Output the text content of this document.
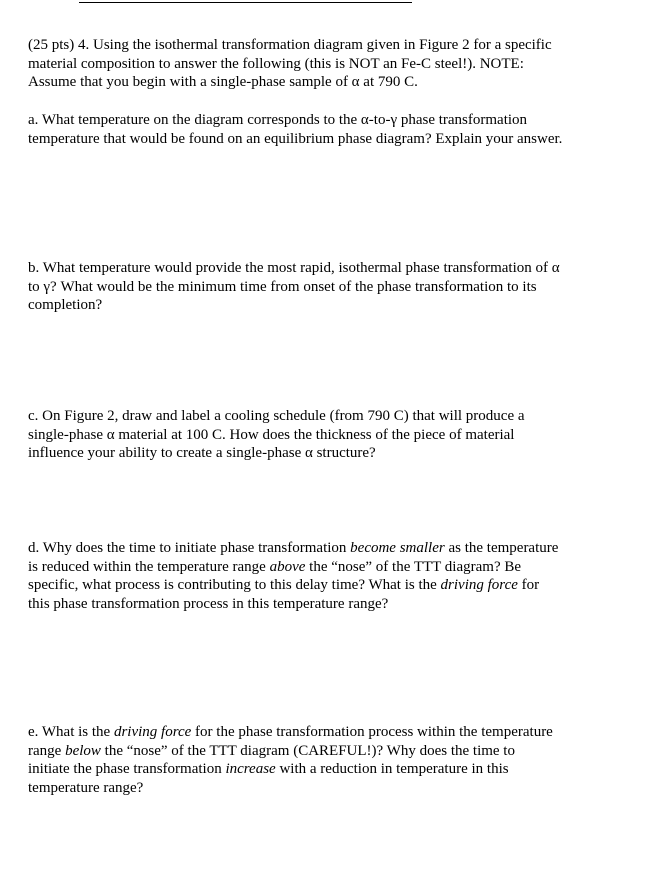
(25 pts) 4. Using the isothermal transformation diagram given in Figure 2 for a specific
material composition to answer the following (this is NOT an Fe-C steel!). NOTE:
Assume that you begin with a single-phase sample of α at 790 C.
a. What temperature on the diagram corresponds to the α-to-γ phase transformation
temperature that would be found on an equilibrium phase diagram? Explain your answer.
b. What temperature would provide the most rapid, isothermal phase transformation of α
to γ? What would be the minimum time from onset of the phase transformation to its
completion?
c. On Figure 2, draw and label a cooling schedule (from 790 C) that will produce a
single-phase α material at 100 C. How does the thickness of the piece of material
influence your ability to create a single-phase α structure?
d. Why does the time to initiate phase transformation become smaller as the temperature
is reduced within the temperature range above the “nose” of the TTT diagram? Be
specific, what process is contributing to this delay time? What is the driving force for
this phase transformation process in this temperature range?
e. What is the driving force for the phase transformation process within the temperature
range below the “nose” of the TTT diagram (CAREFUL!)? Why does the time to
initiate the phase transformation increase with a reduction in temperature in this
temperature range?
